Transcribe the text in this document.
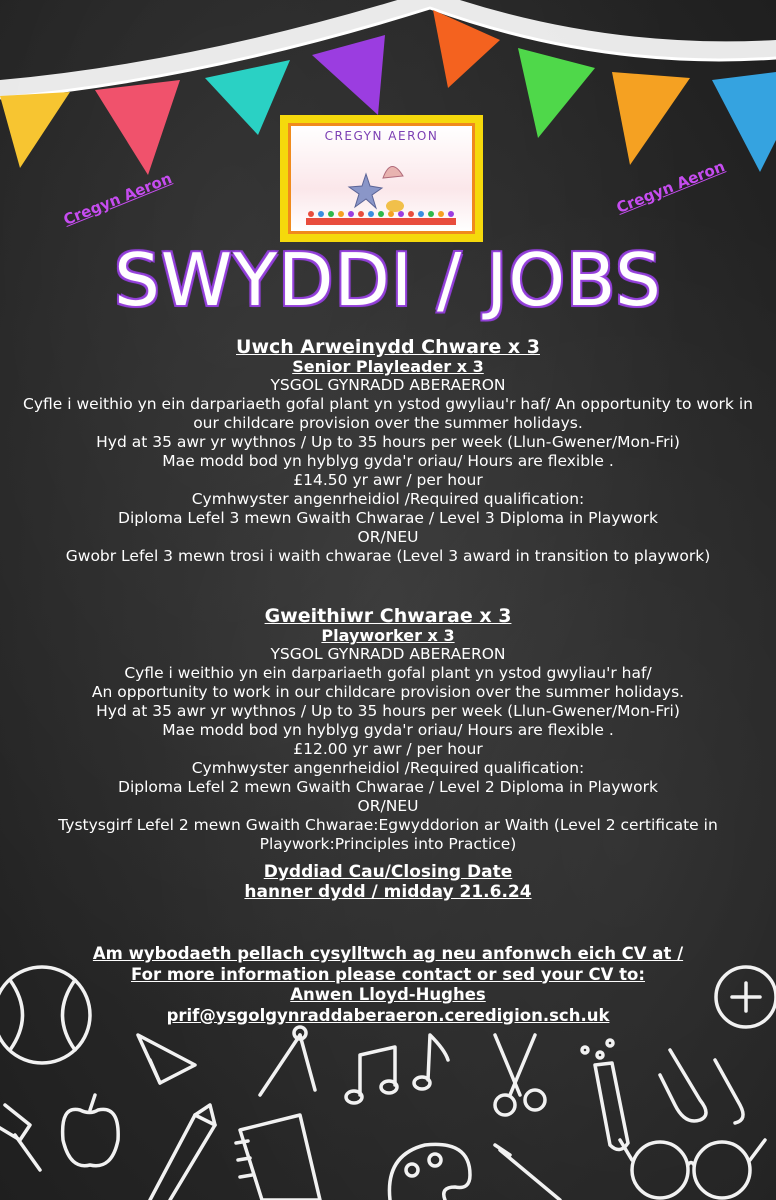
CREGYN AERON
Cregyn Aeron	Cregyn Aeron
SWYDDI / JOBS
Uwch Arweinydd Chware x 3
Senior Playleader x 3
YSGOL GYNRADD ABERAERON
Cyfle i weithio yn ein darpariaeth gofal plant yn ystod gwyliau'r haf/ An opportunity to work in our childcare provision over the summer holidays.
Hyd at 35 awr yr wythnos / Up to 35 hours per week (Llun-Gwener/Mon-Fri)
Mae modd bod yn hyblyg gyda'r oriau/ Hours are flexible .
£14.50 yr awr / per hour
Cymhwyster angenrheidiol /Required qualification:
Diploma Lefel 3 mewn Gwaith Chwarae / Level 3 Diploma in Playwork
OR/NEU
Gwobr Lefel 3 mewn trosi i waith chwarae (Level 3 award in transition to playwork)
Gweithiwr Chwarae x 3
Playworker x 3
YSGOL GYNRADD ABERAERON
Cyfle i weithio yn ein darpariaeth gofal plant yn ystod gwyliau'r haf/
An opportunity to work in our childcare provision over the summer holidays.
Hyd at 35 awr yr wythnos / Up to 35 hours per week (Llun-Gwener/Mon-Fri)
Mae modd bod yn hyblyg gyda'r oriau/ Hours are flexible .
£12.00 yr awr / per hour
Cymhwyster angenrheidiol /Required qualification:
Diploma Lefel 2 mewn Gwaith Chwarae / Level 2 Diploma in Playwork
OR/NEU
Tystysgirf Lefel 2 mewn Gwaith Chwarae:Egwyddorion ar Waith (Level 2 certificate in Playwork:Principles into Practice)
Dyddiad Cau/Closing Date
hanner dydd / midday 21.6.24
Am wybodaeth pellach cysylltwch ag neu anfonwch eich CV at /
For more information please contact or sed your CV to:
Anwen Lloyd-Hughes
prif@ysgolgynraddaberaeron.ceredigion.sch.uk
